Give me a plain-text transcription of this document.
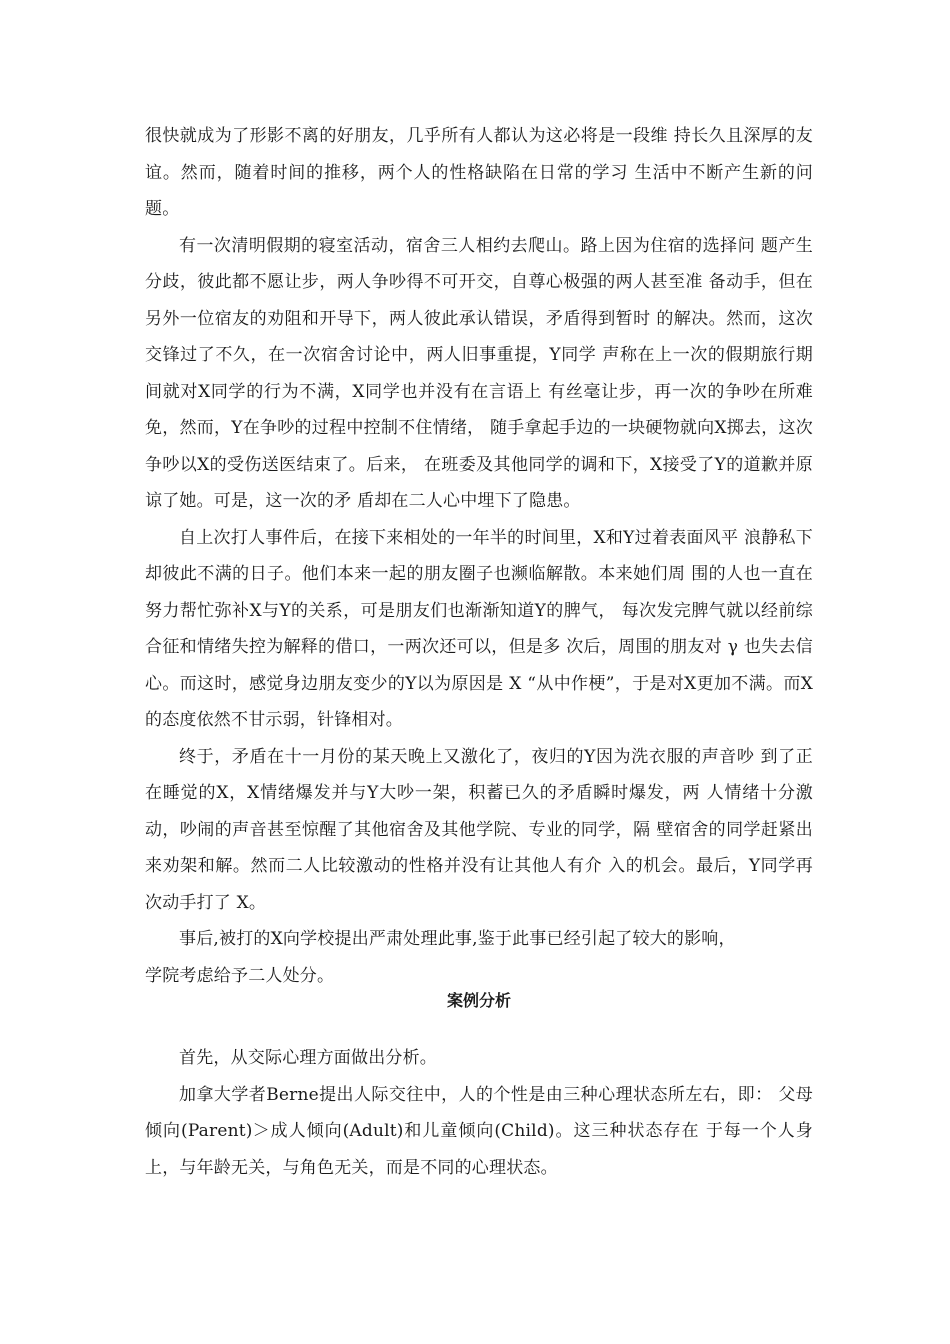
很快就成为了形影不离的好朋友，几乎所有人都认为这必将是一段维 持长久且深厚的友谊。然而，随着时间的推移，两个人的性格缺陷在日常的学习 生活中不断产生新的问题。

有一次清明假期的寝室活动，宿舍三人相约去爬山。路上因为住宿的选择问 题产生分歧，彼此都不愿让步，两人争吵得不可开交，自尊心极强的两人甚至准 备动手，但在另外一位宿友的劝阻和开导下，两人彼此承认错误，矛盾得到暂时 的解决。然而，这次交锋过了不久，在一次宿舍讨论中，两人旧事重提，Y同学 声称在上一次的假期旅行期间就对X同学的行为不满，X同学也并没有在言语上 有丝毫让步，再一次的争吵在所难免，然而，Y在争吵的过程中控制不住情绪， 随手拿起手边的一块硬物就向X掷去，这次争吵以X的受伤送医结束了。后来， 在班委及其他同学的调和下，X接受了Y的道歉并原谅了她。可是，这一次的矛 盾却在二人心中埋下了隐患。

自上次打人事件后，在接下来相处的一年半的时间里，X和Y过着表面风平 浪静私下却彼此不满的日子。他们本来一起的朋友圈子也濒临解散。本来她们周 围的人也一直在努力帮忙弥补X与Y的关系，可是朋友们也渐渐知道Y的脾气， 每次发完脾气就以经前综合征和情绪失控为解释的借口，一两次还可以，但是多 次后，周围的朋友对 γ 也失去信心。而这时，感觉身边朋友变少的Y以为原因是 X “从中作梗”，于是对X更加不满。而X的态度依然不甘示弱，针锋相对。

终于，矛盾在十一月份的某天晚上又激化了，夜归的Y因为洗衣服的声音吵 到了正在睡觉的X，X情绪爆发并与Y大吵一架，积蓄已久的矛盾瞬时爆发，两 人情绪十分激动，吵闹的声音甚至惊醒了其他宿舍及其他学院、专业的同学，隔 壁宿舍的同学赶紧出来劝架和解。然而二人比较激动的性格并没有让其他人有介 入的机会。最后，Y同学再次动手打了 X。

事后,被打的X向学校提出严肃处理此事,鉴于此事已经引起了较大的影响，

学院考虑给予二人处分。

案例分析

首先，从交际心理方面做出分析。

加拿大学者Berne提出人际交往中，人的个性是由三种心理状态所左右，即： 父母倾向(Parent)＞成人倾向(Adult)和儿童倾向(Child)。这三种状态存在 于每一个人身上，与年龄无关，与角色无关，而是不同的心理状态。
